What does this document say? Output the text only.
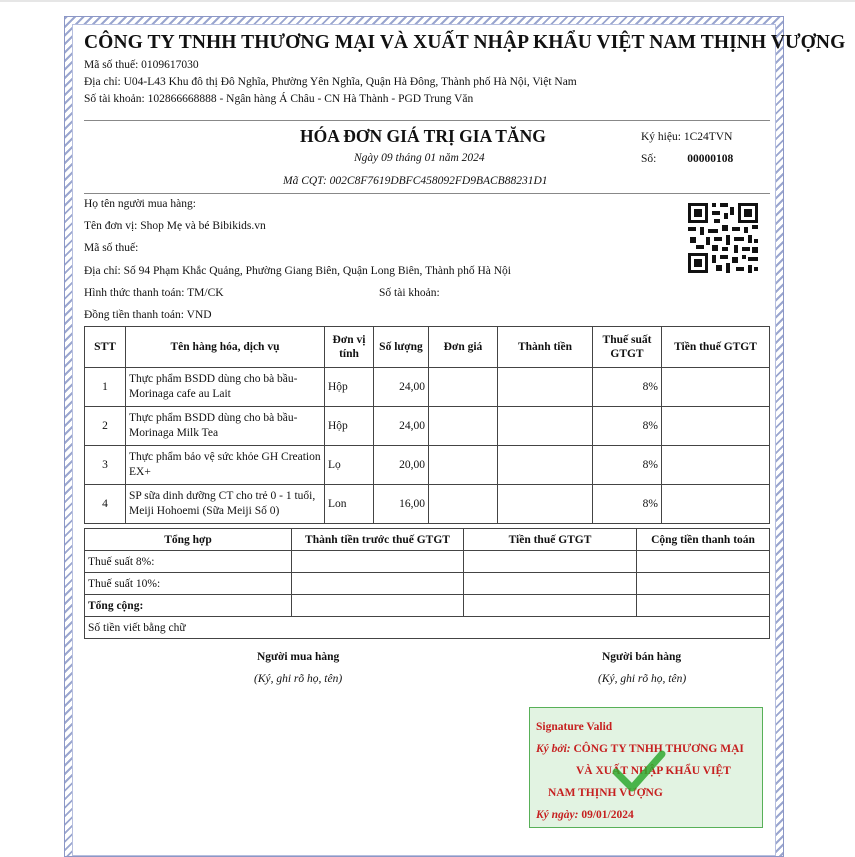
CÔNG TY TNHH THƯƠNG MẠI VÀ XUẤT NHẬP KHẨU VIỆT NAM THỊNH VƯỢNG
Mã số thuế: 0109617030
Địa chỉ: U04-L43 Khu đô thị Đô Nghĩa, Phường Yên Nghĩa, Quận Hà Đông, Thành phố Hà Nội, Việt Nam
Số tài khoản: 102866668888 - Ngân hàng Á Châu - CN Hà Thành - PGD Trung Văn
HÓA ĐƠN GIÁ TRỊ GIA TĂNG
Ngày 09 tháng 01 năm 2024
Mã CQT: 002C8F7619DBFC458092FD9BACB88231D1
Ký hiệu: 1C24TVN
Số:	00000108
Họ tên người mua hàng:
Tên đơn vị: Shop Mẹ và bé Bibikids.vn
Mã số thuế:
Địa chỉ: Số 94 Phạm Khắc Quảng, Phường Giang Biên, Quận Long Biên, Thành phố Hà Nội
Hình thức thanh toán: TM/CK	Số tài khoản:
Đồng tiền thanh toán: VND
STT	Tên hàng hóa, dịch vụ	Đơn vị tính	Số lượng	Đơn giá	Thành tiền	Thuế suất GTGT	Tiền thuế GTGT
1	Thực phẩm BSDD dùng cho bà bầu-Morinaga cafe au Lait	Hộp	24,00			8%	
2	Thực phẩm BSDD dùng cho bà bầu-Morinaga Milk Tea	Hộp	24,00			8%	
3	Thực phẩm bảo vệ sức khỏe GH Creation EX+	Lọ	20,00			8%	
4	SP sữa dinh dưỡng CT cho trẻ 0 - 1 tuổi, Meiji Hohoemi (Sữa Meiji Số 0)	Lon	16,00			8%	
Tổng hợp	Thành tiền trước thuế GTGT	Tiền thuế GTGT	Cộng tiền thanh toán
Thuế suất 8%:			
Thuế suất 10%:			
Tổng cộng:			
Số tiền viết bằng chữ			
Người mua hàng
(Ký, ghi rõ họ, tên)
Người bán hàng
(Ký, ghi rõ họ, tên)
Signature Valid
Ký bởi: CÔNG TY TNHH THƯƠNG MẠI
VÀ XUẤT NHẬP KHẨU VIỆT
NAM THỊNH VƯỢNG
Ký ngày: 09/01/2024
